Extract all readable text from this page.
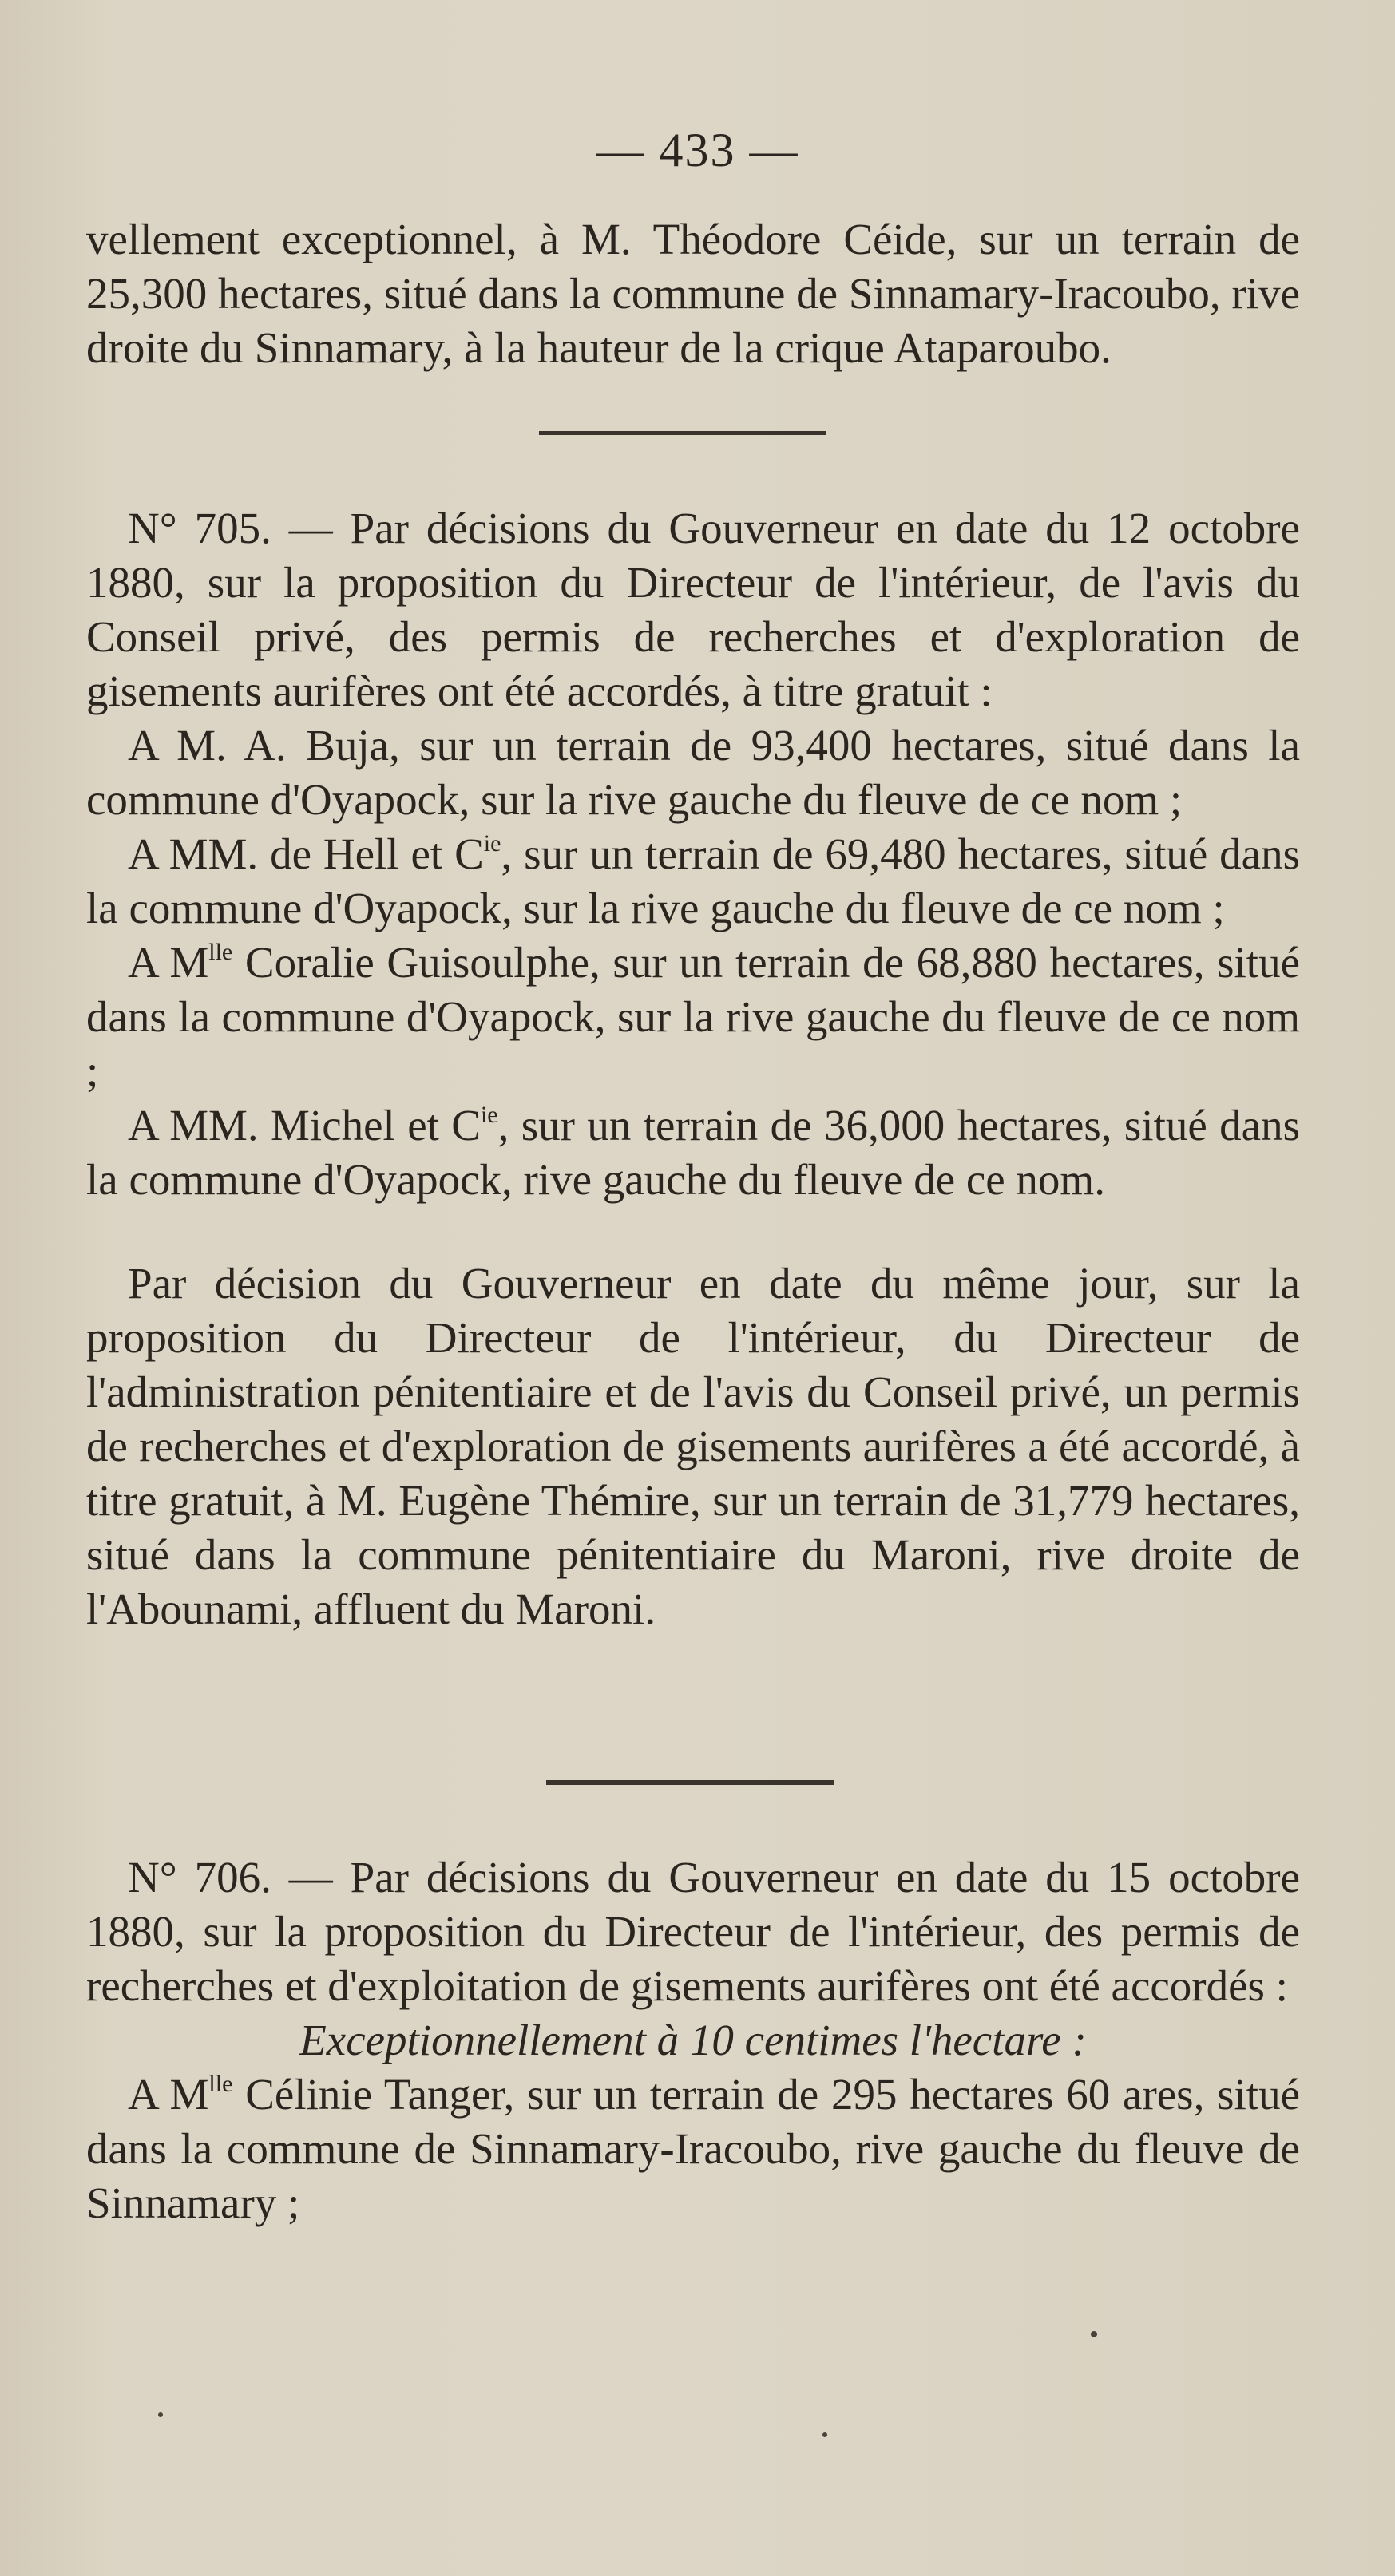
— 433 —

vellement exceptionnel, à M. Théodore Céide, sur un terrain de 25,300 hectares, situé dans la commune de Sinnamary-Iracoubo, rive droite du Sinnamary, à la hauteur de la crique Ataparoubo.

N° 705. — Par décisions du Gouverneur en date du 12 octobre 1880, sur la proposition du Directeur de l'intérieur, de l'avis du Conseil privé, des permis de recherches et d'exploration de gisements aurifères ont été accordés, à titre gratuit :

A M. A. Buja, sur un terrain de 93,400 hectares, situé dans la commune d'Oyapock, sur la rive gauche du fleuve de ce nom ;

A MM. de Hell et $C^{ie}$, sur un terrain de 69,480 hectares, situé dans la commune d'Oyapock, sur la rive gauche du fleuve de ce nom ;

A $M^{lle}$ Coralie Guisoulphe, sur un terrain de 68,880 hectares, situé dans la commune d'Oyapock, sur la rive gauche du fleuve de ce nom ;

A MM. Michel et $C^{ie}$, sur un terrain de 36,000 hectares, situé dans la commune d'Oyapock, rive gauche du fleuve de ce nom.

Par décision du Gouverneur en date du même jour, sur la proposition du Directeur de l'intérieur, du Directeur de l'administration pénitentiaire et de l'avis du Conseil privé, un permis de recherches et d'exploration de gisements aurifères a été accordé, à titre gratuit, à M. Eugène Thémire, sur un terrain de 31,779 hectares, situé dans la commune pénitentiaire du Maroni, rive droite de l'Abounami, affluent du Maroni.

N° 706. — Par décisions du Gouverneur en date du 15 octobre 1880, sur la proposition du Directeur de l'intérieur, des permis de recherches et d'exploitation de gisements aurifères ont été accordés :

Exceptionnellement à 10 centimes l'hectare :

A $M^{lle}$ Célinie Tanger, sur un terrain de 295 hectares 60 ares, situé dans la commune de Sinnamary-Iracoubo, rive gauche du fleuve de Sinnamary ;
